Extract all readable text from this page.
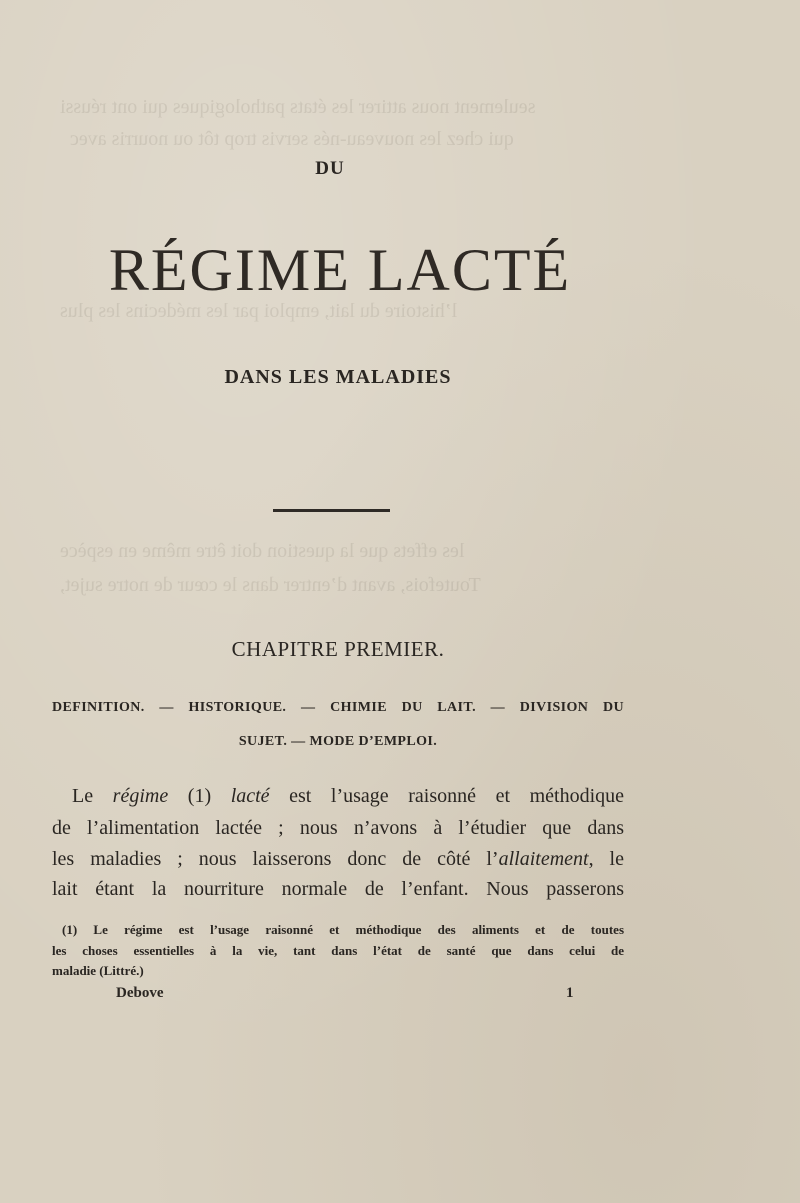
seulement nous attirer les états pathologiques qui ont réussi
qui chez les nouveau-nés servis trop tôt ou nourris avec
l’histoire du lait, emploi par les médecins les plus
les effets que la question doit être même en espèce
Toutefois, avant d’entrer dans le cœur de notre sujet,
DU
RÉGIME LACTÉ
DANS LES MALADIES
CHAPITRE PREMIER.
DEFINITION. — HISTORIQUE. — CHIMIE DU LAIT. — DIVISION DU
SUJET. — MODE D’EMPLOI.
Le régime (1) lacté est l’usage raisonné et méthodique
de l’alimentation lactée ; nous n’avons à l’étudier que dans
les maladies ; nous laisserons donc de côté l’allaitement, le
lait étant la nourriture normale de l’enfant. Nous passerons
(1) Le régime est l’usage raisonné et méthodique des aliments et de toutes
les choses essentielles à la vie, tant dans l’état de santé que dans celui de
maladie (Littré.)
Debove	1
